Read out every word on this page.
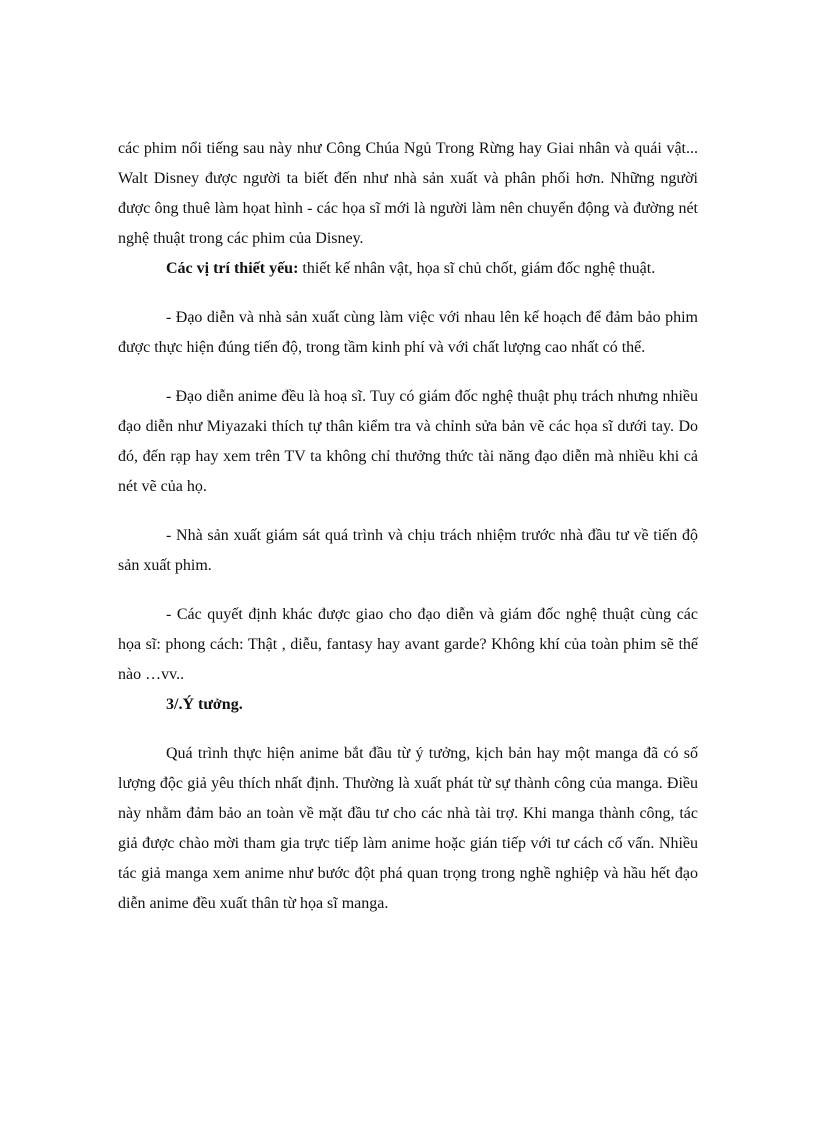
các phim nổi tiếng sau này như Công Chúa Ngủ Trong Rừng hay Giai nhân và quái vật... Walt Disney được người ta biết đến như nhà sản xuất và phân phối hơn. Những người được ông thuê làm họat hình - các họa sĩ mới là người làm nên chuyển động và đường nét nghệ thuật trong các phim của Disney.

Các vị trí thiết yếu: thiết kế nhân vật, họa sĩ chủ chốt, giám đốc nghệ thuật.

- Đạo diễn và nhà sản xuất cùng làm việc với nhau lên kế hoạch để đảm bảo phim được thực hiện đúng tiến độ, trong tầm kinh phí và với chất lượng cao nhất có thể.

- Đạo diễn anime đều là hoạ sĩ. Tuy có giám đốc nghệ thuật phụ trách nhưng nhiều đạo diễn như Miyazaki thích tự thân kiểm tra và chỉnh sửa bản vẽ các họa sĩ dưới tay. Do đó, đến rạp hay xem trên TV ta không chỉ thưởng thức tài năng đạo diễn mà nhiều khi cả nét vẽ của họ.

- Nhà sản xuất giám sát quá trình và chịu trách nhiệm trước nhà đầu tư về tiến độ sản xuất phim.

- Các quyết định khác được giao cho đạo diễn và giám đốc nghệ thuật cùng các họa sĩ: phong cách: Thật , diễu, fantasy hay avant garde? Không khí của toàn phim sẽ thế nào …vv..

3/.Ý tưởng.

Quá trình thực hiện anime bắt đầu từ ý tưởng, kịch bản hay một manga đã có số lượng độc giả yêu thích nhất định. Thường là xuất phát từ sự thành công của manga. Điều này nhằm đảm bảo an toàn về mặt đầu tư cho các nhà tài trợ. Khi manga thành công, tác giả được chào mời tham gia trực tiếp làm anime hoặc gián tiếp với tư cách cố vấn. Nhiều tác giả manga xem anime như bước đột phá quan trọng trong nghề nghiệp và hầu hết đạo diễn anime đều xuất thân từ họa sĩ manga.
